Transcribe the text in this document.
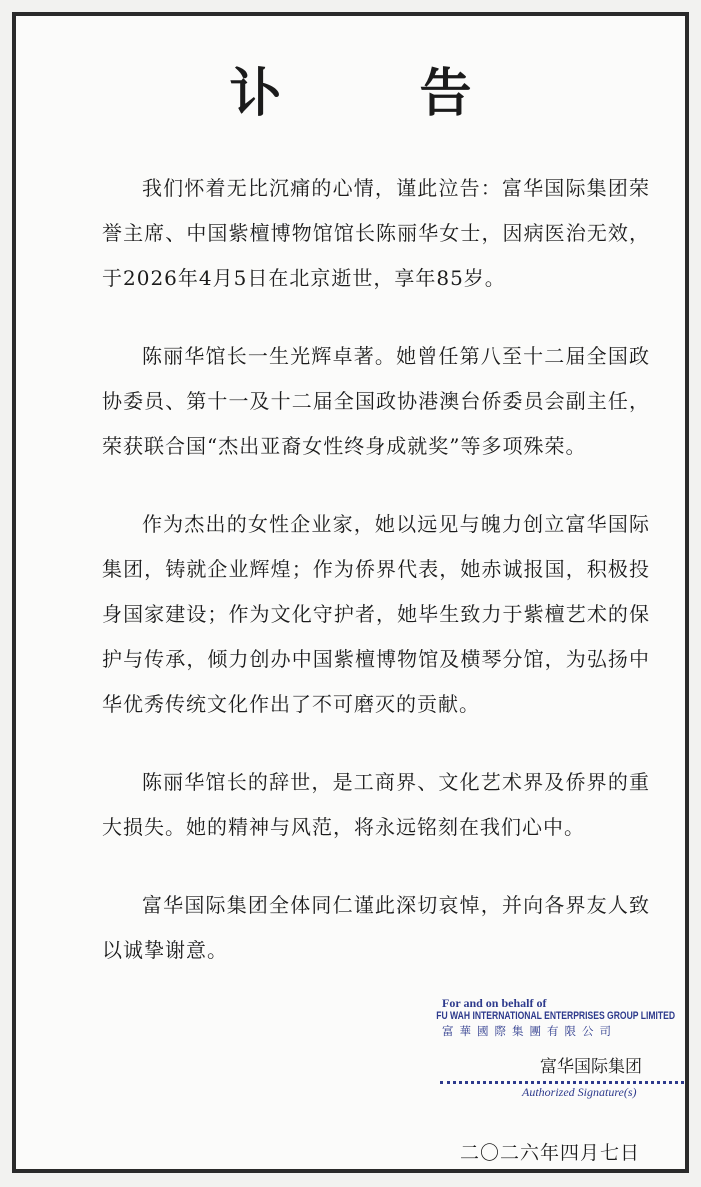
讣 告

我们怀着无比沉痛的心情，谨此泣告：富华国际集团荣誉主席、中国紫檀博物馆馆长陈丽华女士，因病医治无效，于2026年4月5日在北京逝世，享年85岁。

陈丽华馆长一生光辉卓著。她曾任第八至十二届全国政协委员、第十一及十二届全国政协港澳台侨委员会副主任，荣获联合国“杰出亚裔女性终身成就奖”等多项殊荣。

作为杰出的女性企业家，她以远见与魄力创立富华国际集团，铸就企业辉煌；作为侨界代表，她赤诚报国，积极投身国家建设；作为文化守护者，她毕生致力于紫檀艺术的保护与传承，倾力创办中国紫檀博物馆及横琴分馆，为弘扬中华优秀传统文化作出了不可磨灭的贡献。

陈丽华馆长的辞世，是工商界、文化艺术界及侨界的重大损失。她的精神与风范，将永远铭刻在我们心中。

富华国际集团全体同仁谨此深切哀悼，并向各界友人致以诚挚谢意。

For and on behalf of
FU WAH INTERNATIONAL ENTERPRISES GROUP LIMITED
富華國際集團有限公司
富华国际集团
Authorized Signature(s)
二〇二六年四月七日
